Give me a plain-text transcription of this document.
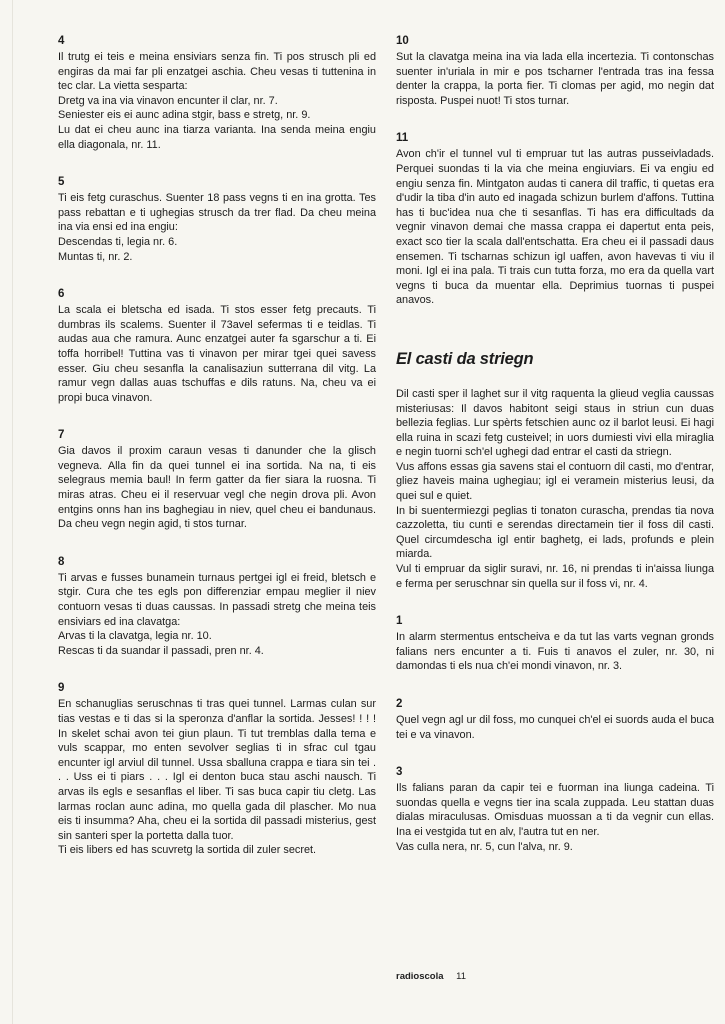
4

Il trutg ei teis e meina ensiviars senza fin. Ti pos strusch pli ed engiras da mai far pli enzatgei aschia. Cheu vesas ti tuttenina in tec clar. La vietta sesparta:

Dretg va ina via vinavon encunter il clar, nr. 7.

Seniester eis ei aunc adina stgir, bass e stretg, nr. 9.

Lu dat ei cheu aunc ina tiarza varianta. Ina senda meina engiu ella diagonala, nr. 11.

5

Ti eis fetg curaschus. Suenter 18 pass vegns ti en ina grotta. Tes pass rebattan e ti ughegias strusch da trer flad. Da cheu meina ina via ensi ed ina engiu:

Descendas ti, legia nr. 6.

Muntas ti, nr. 2.

6

La scala ei bletscha ed isada. Ti stos esser fetg precauts. Ti dumbras ils scalems. Suenter il 73avel sefermas ti e teidlas. Ti audas aua che ramura. Aunc enzatgei auter fa sgarschur a ti. Ei toffa horribel! Tuttina vas ti vinavon per mirar tgei quei savess esser. Giu cheu sesanfla la canalisaziun sutterrana dil vitg. La ramur vegn dallas auas tschuffas e dils ratuns. Na, cheu va ei propi buca vinavon.

7

Gia davos il proxim caraun vesas ti danunder che la glisch vegneva. Alla fin da quei tunnel ei ina sortida. Na na, ti eis selegraus memia baul! In ferm gatter da fier siara la ruosna. Ti miras atras. Cheu ei il reservuar vegl che negin drova pli. Avon entgins onns han ins baghegiau in niev, quel cheu ei bandunaus. Da cheu vegn negin agid, ti stos turnar.

8

Ti arvas e fusses bunamein turnaus pertgei igl ei freid, bletsch e stgir. Cura che tes egls pon differenziar empau meglier il niev contuorn vesas ti duas caussas. In passadi stretg che meina teis ensiviars ed ina clavatga:

Arvas ti la clavatga, legia nr. 10.

Rescas ti da suandar il passadi, pren nr. 4.

9

En schanuglias seruschnas ti tras quei tunnel. Larmas culan sur tias vestas e ti das si la speronza d'anflar la sortida. Jesses! ! ! ! In skelet schai avon tei giun plaun. Ti tut tremblas dalla tema e vuls scappar, mo enten sevolver seglias ti in sfrac cul tgau encunter igl arviul dil tunnel. Ussa sballuna crappa e tiara sin tei . . . Uss ei ti piars . . . Igl ei denton buca stau aschi nausch. Ti arvas ils egls e sesanflas el liber. Ti sas buca capir tiu cletg. Las larmas roclan aunc adina, mo quella gada dil plascher. Mo nua eis ti insumma? Aha, cheu ei la sortida dil passadi misterius, gest sin santeri sper la portetta dalla tuor.

Ti eis libers ed has scuvretg la sortida dil zuler secret.

10

Sut la clavatga meina ina via lada ella incertezia. Ti contonschas suenter in'uriala in mir e pos tscharner l'entrada tras ina fessa denter la crappa, la porta fier. Ti clomas per agid, mo negin dat risposta. Puspei nuot! Ti stos turnar.

11

Avon ch'ir el tunnel vul ti empruar tut las autras pusseivladads. Perquei suondas ti la via che meina engiuviars. Ei va engiu ed engiu senza fin. Mintgaton audas ti canera dil traffic, ti quetas era d'udir la tiba d'in auto ed inagada schizun burlem d'affons. Tuttina has ti buc'idea nua che ti sesanflas. Ti has era difficultads da vegnir vinavon demai che massa crappa ei dapertut enta peis, exact sco tier la scala dall'entschatta. Era cheu ei il passadi daus ensemen. Ti tscharnas schizun igl uaffen, avon havevas ti viu il moni. Igl ei ina pala. Ti trais cun tutta forza, mo era da quella vart vegns ti buca da muentar ella. Deprimius tuornas ti puspei anavos.

El casti da striegn

Dil casti sper il laghet sur il vitg raquenta la glieud veglia caussas misteriusas: Il davos habitont seigi staus in striun cun duas bellezia feglias. Lur spèrts fetschien aunc oz il barlot leusi. Ei hagi ella ruina in scazi fetg custeivel; in uors dumiesti vivi ella miraglia e negin tuorni sch'el ughegi dad entrar el casti da striegn.

Vus affons essas gia savens stai el contuorn dil casti, mo d'entrar, gliez haveis maina ughegiau; igl ei veramein misterius leusi, da quei sul e quiet.

In bi suentermiezgi peglias ti tonaton curascha, prendas tia nova cazzoletta, tiu cunti e serendas directamein tier il foss dil casti. Quel circumdescha igl entir baghetg, ei lads, profunds e plein miarda.

Vul ti empruar da siglir suravi, nr. 16, ni prendas ti in'aissa liunga e ferma per seruschnar sin quella sur il foss vi, nr. 4.

1

In alarm stermentus entscheiva e da tut las varts vegnan gronds falians ners encunter a ti. Fuis ti anavos el zuler, nr. 30, ni damondas ti els nua ch'ei mondi vinavon, nr. 3.

2

Quel vegn agl ur dil foss, mo cunquei ch'el ei suords auda el buca tei e va vinavon.

3

Ils falians paran da capir tei e fuorman ina liunga cadeina. Ti suondas quella e vegns tier ina scala zuppada. Leu stattan duas dialas miraculusas. Omisduas muossan a ti da vegnir cun ellas. Ina ei vestgida tut en alv, l'autra tut en ner.

Vas culla nera, nr. 5, cun l'alva, nr. 9.

radioscola 11
